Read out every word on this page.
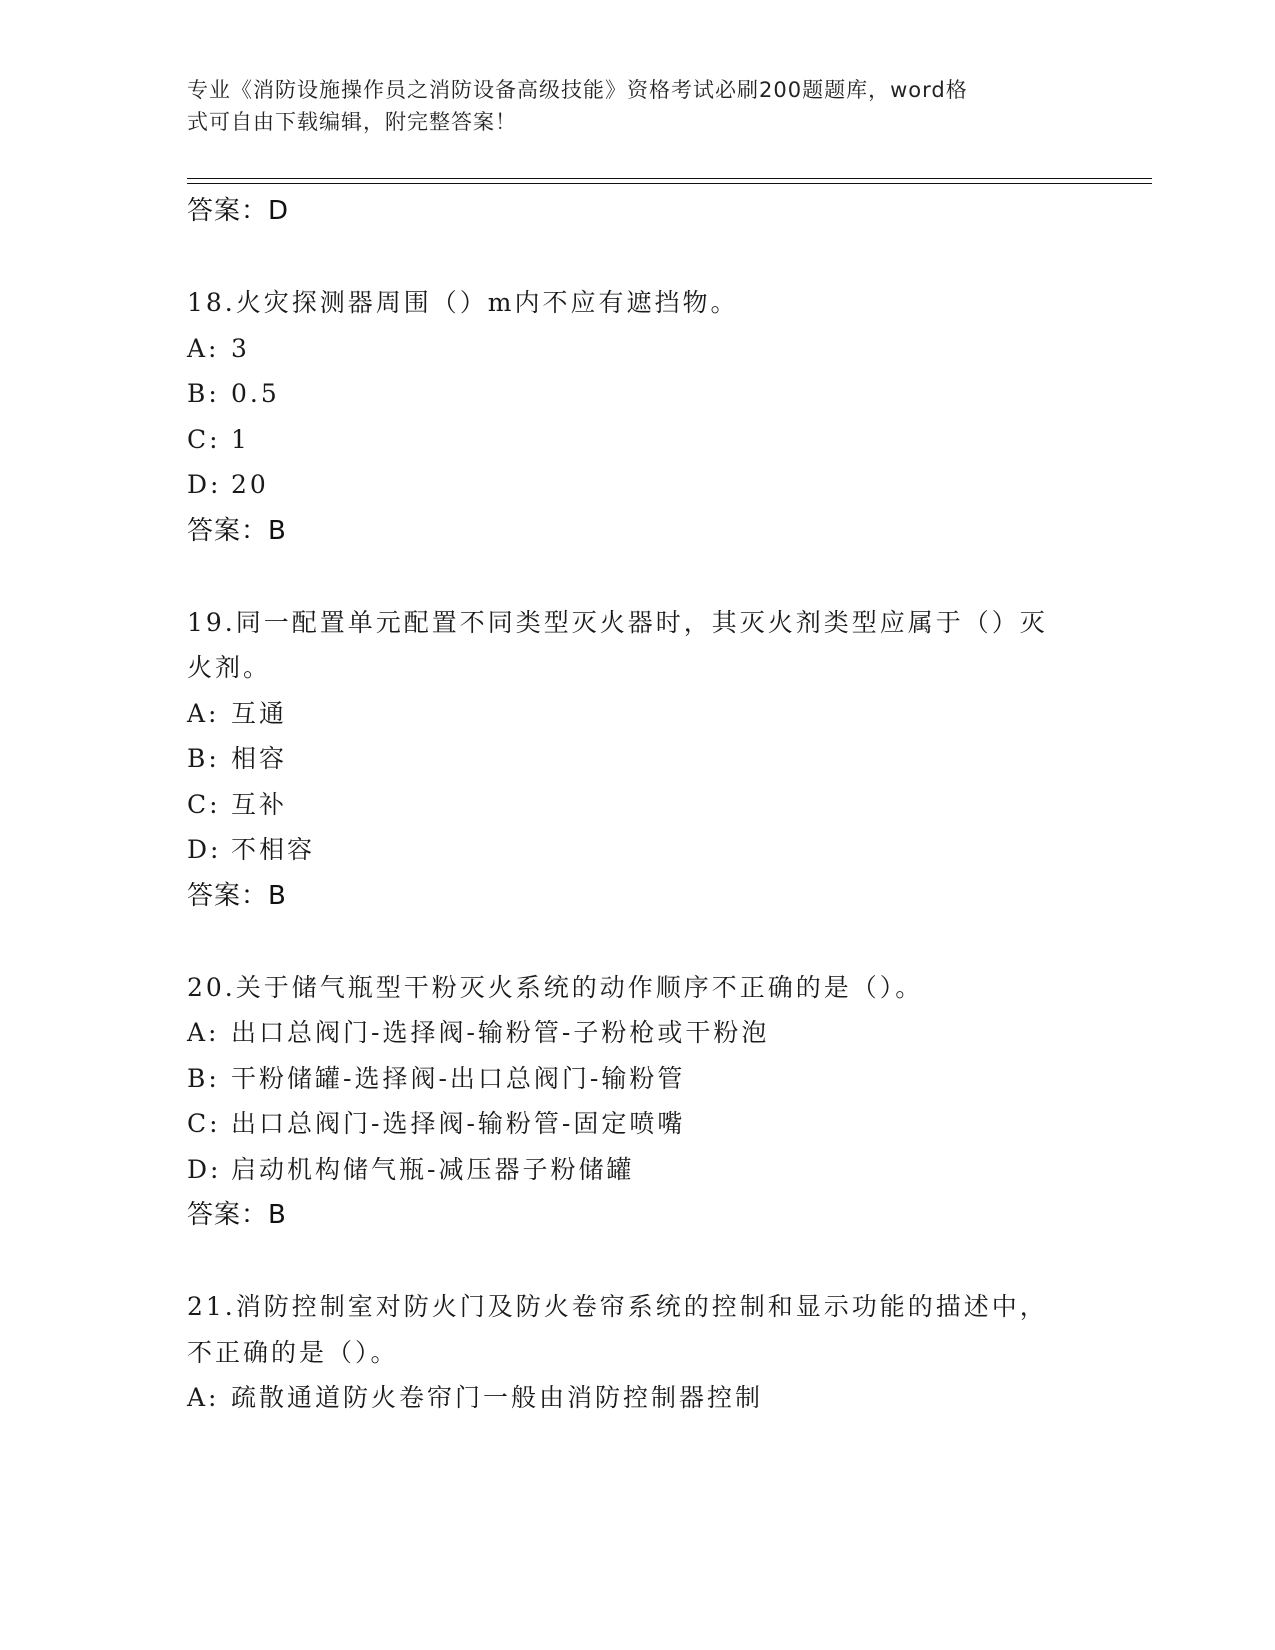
专业《消防设施操作员之消防设备高级技能》资格考试必刷200题题库，word格
式可自由下载编辑，附完整答案！
答案：D
18.火灾探测器周围（）m内不应有遮挡物。
A: 3
B: 0.5
C: 1
D: 20
答案：B
19.同一配置单元配置不同类型灭火器时，其灭火剂类型应属于（）灭
火剂。
A: 互通
B: 相容
C: 互补
D: 不相容
答案：B
20.关于储气瓶型干粉灭火系统的动作顺序不正确的是（）。
A: 出口总阀门-选择阀-输粉管-子粉枪或干粉泡
B: 干粉储罐-选择阀-出口总阀门-输粉管
C: 出口总阀门-选择阀-输粉管-固定喷嘴
D: 启动机构储气瓶-减压器子粉储罐
答案：B
21.消防控制室对防火门及防火卷帘系统的控制和显示功能的描述中，
不正确的是（）。
A: 疏散通道防火卷帘门一般由消防控制器控制
